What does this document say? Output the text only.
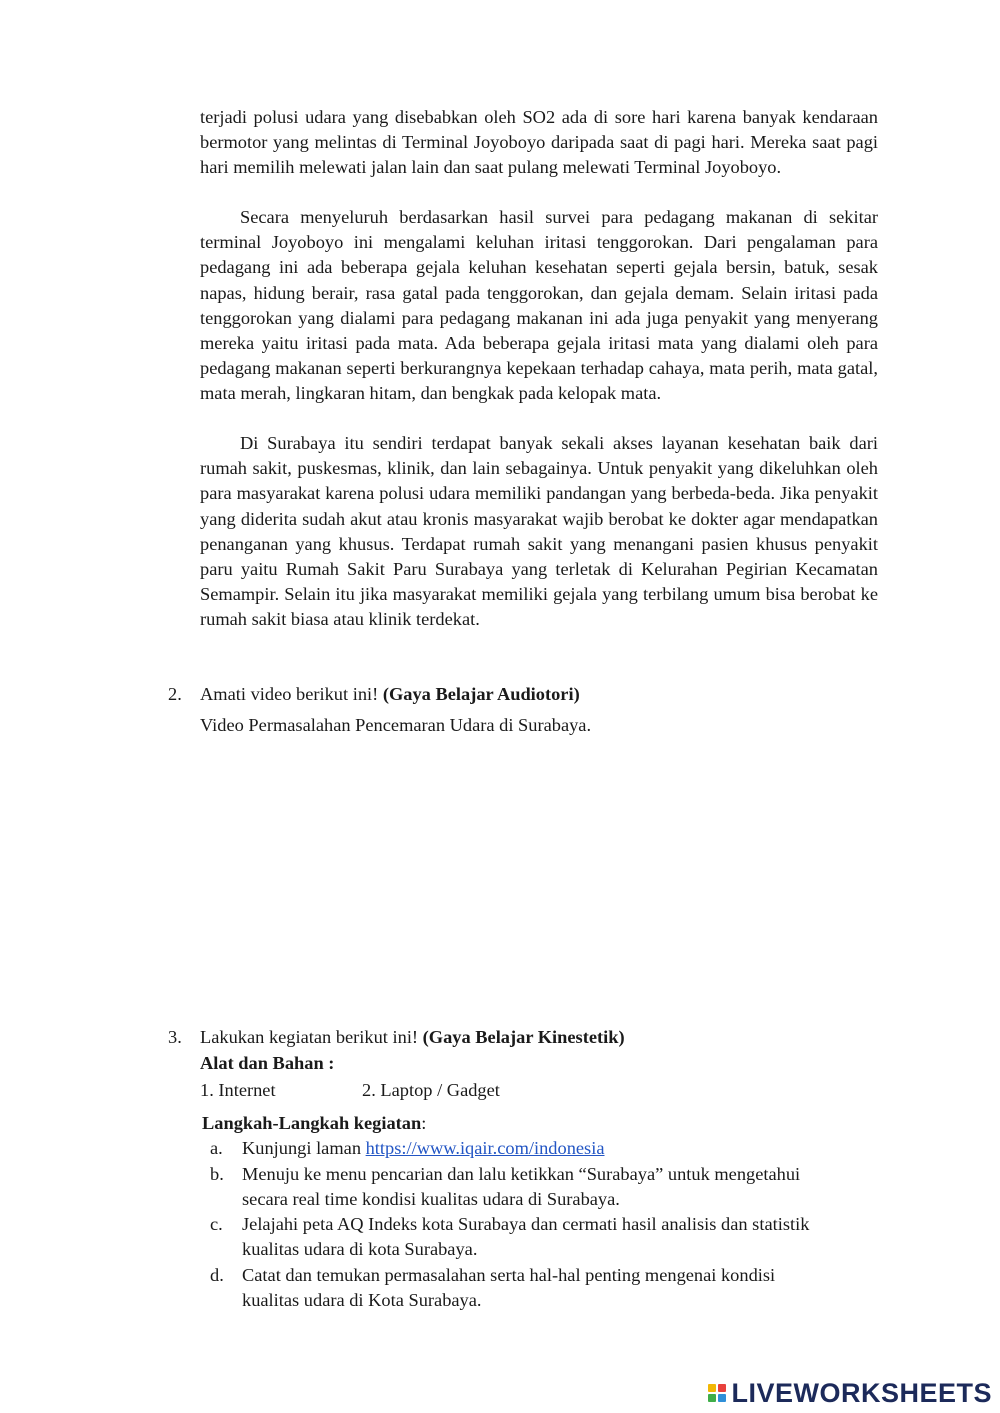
terjadi polusi udara yang disebabkan oleh SO2 ada di sore hari karena banyak kendaraan bermotor yang melintas di Terminal Joyoboyo daripada saat di pagi hari. Mereka saat pagi hari memilih melewati jalan lain dan saat pulang melewati Terminal Joyoboyo.

Secara menyeluruh berdasarkan hasil survei para pedagang makanan di sekitar terminal Joyoboyo ini mengalami keluhan iritasi tenggorokan. Dari pengalaman para pedagang ini ada beberapa gejala keluhan kesehatan seperti gejala bersin, batuk, sesak napas, hidung berair, rasa gatal pada tenggorokan, dan gejala demam. Selain iritasi pada tenggorokan yang dialami para pedagang makanan ini ada juga penyakit yang menyerang mereka yaitu iritasi pada mata. Ada beberapa gejala iritasi mata yang dialami oleh para pedagang makanan seperti berkurangnya kepekaan terhadap cahaya, mata perih, mata gatal, mata merah, lingkaran hitam, dan bengkak pada kelopak mata.

Di Surabaya itu sendiri terdapat banyak sekali akses layanan kesehatan baik dari rumah sakit, puskesmas, klinik, dan lain sebagainya. Untuk penyakit yang dikeluhkan oleh para masyarakat karena polusi udara memiliki pandangan yang berbeda-beda. Jika penyakit yang diderita sudah akut atau kronis masyarakat wajib berobat ke dokter agar mendapatkan penanganan yang khusus. Terdapat rumah sakit yang menangani pasien khusus penyakit paru yaitu Rumah Sakit Paru Surabaya yang terletak di Kelurahan Pegirian Kecamatan Semampir. Selain itu jika masyarakat memiliki gejala yang terbilang umum bisa berobat ke rumah sakit biasa atau klinik terdekat.

2. Amati video berikut ini! (Gaya Belajar Audiotori)

Video Permasalahan Pencemaran Udara di Surabaya.

3. Lakukan kegiatan berikut ini! (Gaya Belajar Kinestetik)

Alat dan Bahan :

1. Internet	2. Laptop / Gadget

Langkah-Langkah kegiatan:

a. Kunjungi laman https://www.iqair.com/indonesia

b. Menuju ke menu pencarian dan lalu ketikkan “Surabaya” untuk mengetahui

secara real time kondisi kualitas udara di Surabaya.

c. Jelajahi peta AQ Indeks kota Surabaya dan cermati hasil analisis dan statistik

kualitas udara di kota Surabaya.

d. Catat dan temukan permasalahan serta hal-hal penting mengenai kondisi

kualitas udara di Kota Surabaya.

LIVEWORKSHEETS
